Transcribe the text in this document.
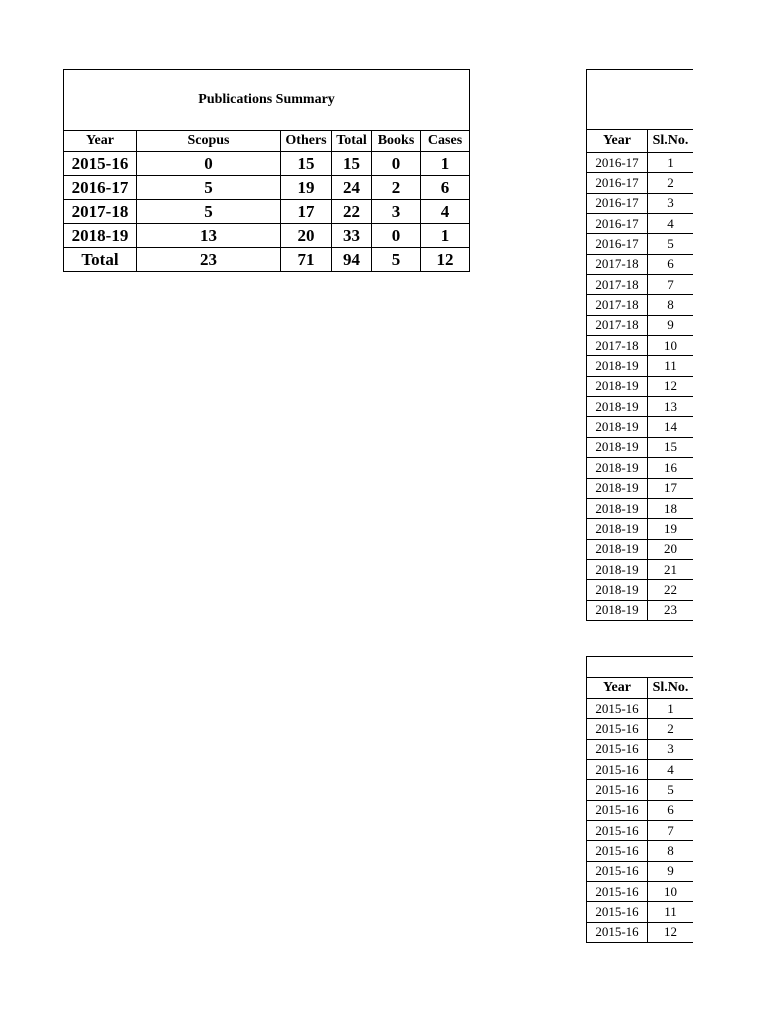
Publications Summary					
Year	Scopus	Others	Total	Books	Cases
2015-16	0	15	15	0	1
2016-17	5	19	24	2	6
2017-18	5	17	22	3	4
2018-19	13	20	33	0	1
Total	23	71	94	5	12

Year	Sl.No.	
2016-17	1	
2016-17	2	
2016-17	3	
2016-17	4	
2016-17	5	
2017-18	6	
2017-18	7	
2017-18	8	
2017-18	9	
2017-18	10	
2018-19	11	
2018-19	12	
2018-19	13	
2018-19	14	
2018-19	15	
2018-19	16	
2018-19	17	
2018-19	18	
2018-19	19	
2018-19	20	
2018-19	21	
2018-19	22	
2018-19	23	

Year	Sl.No.	
2015-16	1	
2015-16	2	
2015-16	3	
2015-16	4	
2015-16	5	
2015-16	6	
2015-16	7	
2015-16	8	
2015-16	9	
2015-16	10	
2015-16	11	
2015-16	12	
